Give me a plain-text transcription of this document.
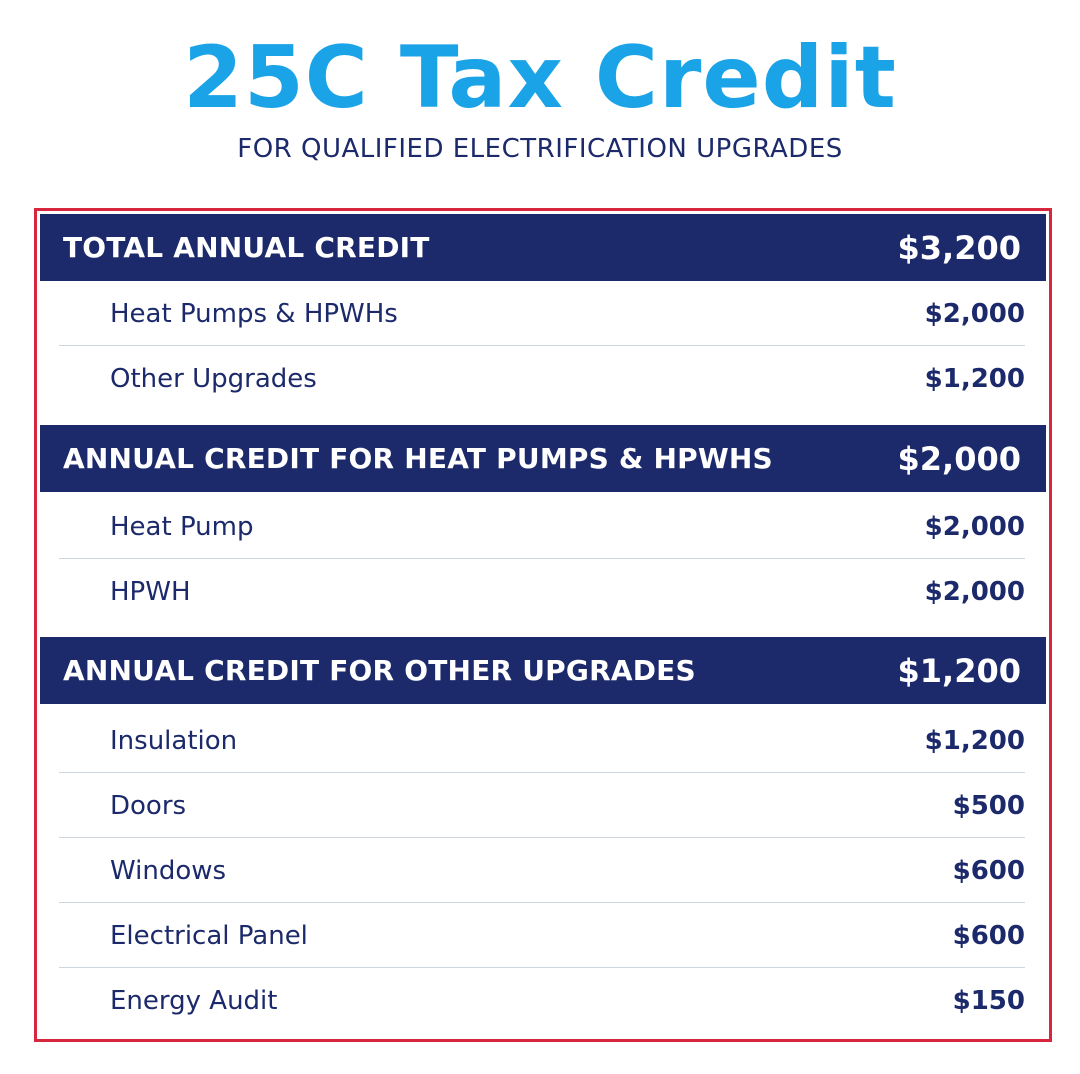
25C Tax Credit
FOR QUALIFIED ELECTRIFICATION UPGRADES
TOTAL ANNUAL CREDIT	$3,200
Heat Pumps & HPWHs	$2,000
Other Upgrades	$1,200
ANNUAL CREDIT FOR HEAT PUMPS & HPWHS	$2,000
Heat Pump	$2,000
HPWH	$2,000
ANNUAL CREDIT FOR OTHER UPGRADES	$1,200
Insulation	$1,200
Doors	$500
Windows	$600
Electrical Panel	$600
Energy Audit	$150
